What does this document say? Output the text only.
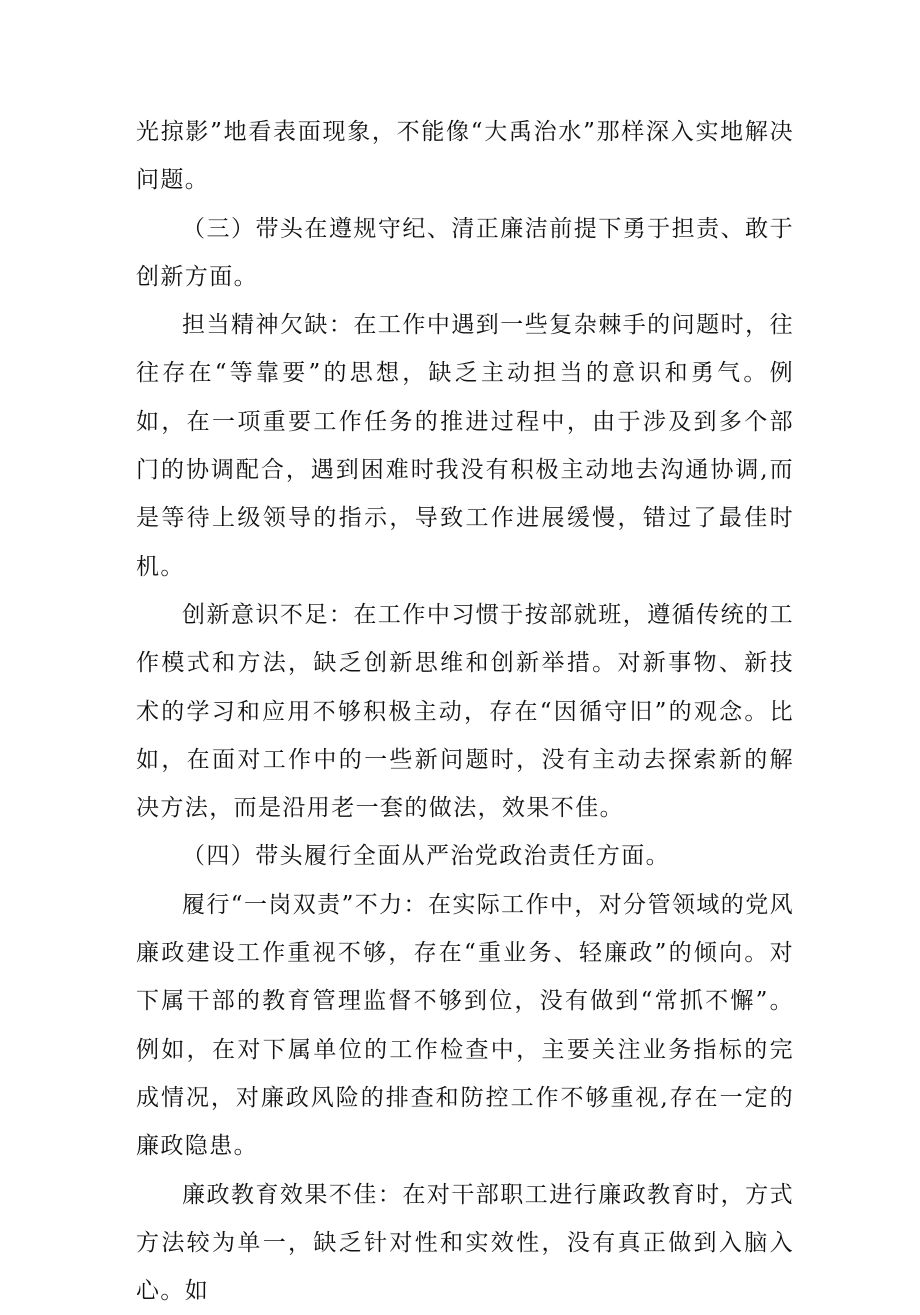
光掠影”地看表面现象，不能像“大禹治水”那样深入实地解决问题。

（三）带头在遵规守纪、清正廉洁前提下勇于担责、敢于创新方面。

担当精神欠缺：在工作中遇到一些复杂棘手的问题时，往往存在“等靠要”的思想，缺乏主动担当的意识和勇气。例如，在一项重要工作任务的推进过程中，由于涉及到多个部门的协调配合，遇到困难时我没有积极主动地去沟通协调,而是等待上级领导的指示，导致工作进展缓慢，错过了最佳时机。

创新意识不足：在工作中习惯于按部就班，遵循传统的工作模式和方法，缺乏创新思维和创新举措。对新事物、新技术的学习和应用不够积极主动，存在“因循守旧”的观念。比如，在面对工作中的一些新问题时，没有主动去探索新的解决方法，而是沿用老一套的做法，效果不佳。

（四）带头履行全面从严治党政治责任方面。

履行“一岗双责”不力：在实际工作中，对分管领域的党风廉政建设工作重视不够，存在“重业务、轻廉政”的倾向。对下属干部的教育管理监督不够到位，没有做到“常抓不懈”。例如，在对下属单位的工作检查中，主要关注业务指标的完成情况，对廉政风险的排查和防控工作不够重视,存在一定的廉政隐患。

廉政教育效果不佳：在对干部职工进行廉政教育时，方式方法较为单一，缺乏针对性和实效性，没有真正做到入脑入心。如
